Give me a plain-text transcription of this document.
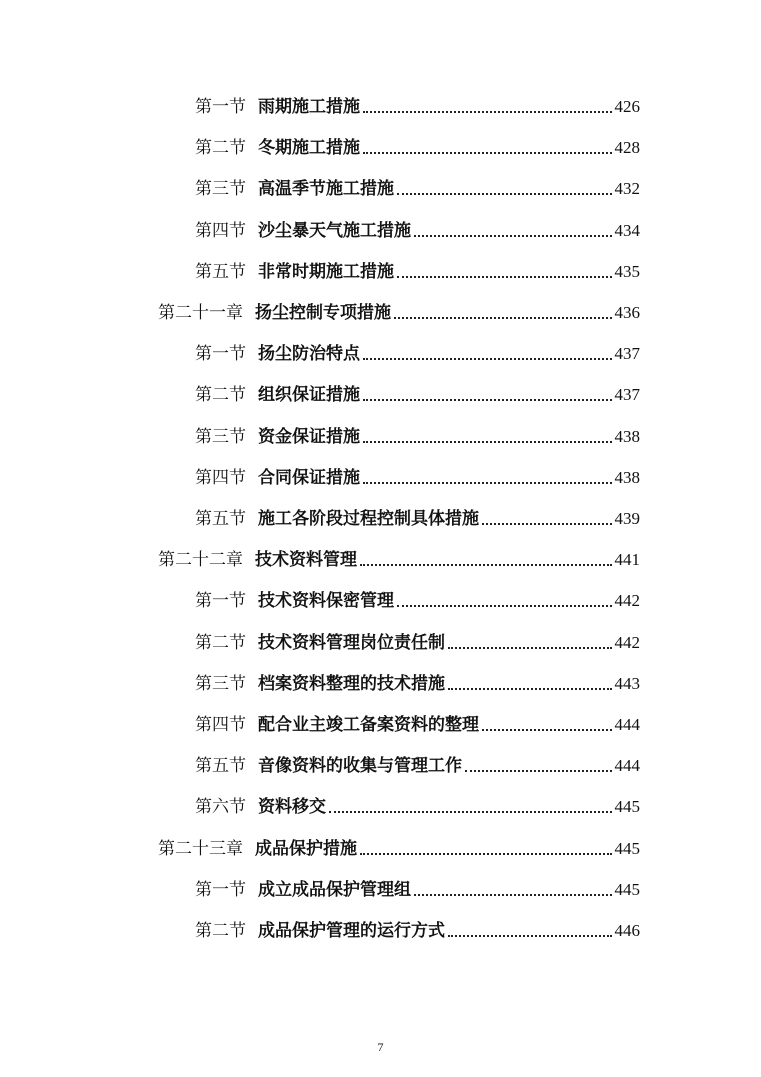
第一节 雨期施工措施	426
第二节 冬期施工措施	428
第三节 高温季节施工措施	432
第四节 沙尘暴天气施工措施	434
第五节 非常时期施工措施	435
第二十一章 扬尘控制专项措施	436
第一节 扬尘防治特点	437
第二节 组织保证措施	437
第三节 资金保证措施	438
第四节 合同保证措施	438
第五节 施工各阶段过程控制具体措施	439
第二十二章 技术资料管理	441
第一节 技术资料保密管理	442
第二节 技术资料管理岗位责任制	442
第三节 档案资料整理的技术措施	443
第四节 配合业主竣工备案资料的整理	444
第五节 音像资料的收集与管理工作	444
第六节 资料移交	445
第二十三章 成品保护措施	445
第一节 成立成品保护管理组	445
第二节 成品保护管理的运行方式	446
7
